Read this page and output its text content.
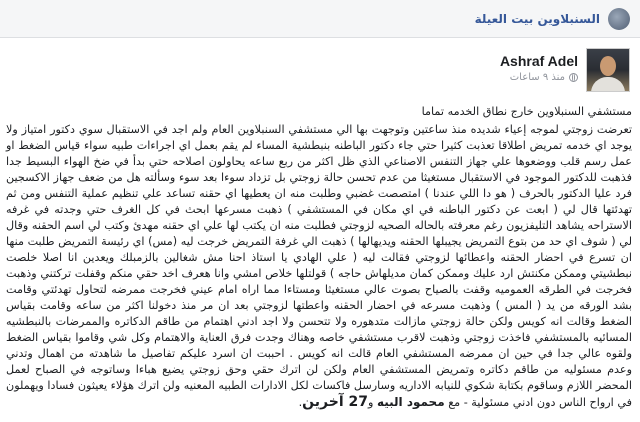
السنبلاوين بيت العيلة
Ashraf Adel
منذ ٩ ساعات

مستشفي السنبلاوين خارج نطاق الخدمه تماما

تعرضت زوجتي لموجه إعياء شديده منذ ساعتين وتوجهت بها الي مستشفي السنبلاوين العام ولم اجد في الاستقبال سوي دكتور امتياز ولا يوجد اي خدمه تمريض اطلاقا تعذبت كثيرا حتي جاء دكتور الباطنه بنبطشية المساء لم يقم بعمل اي اجراءات طبيه سواء قياس الضغط او عمل رسم قلب ووضعوها علي جهاز التنفس الاصناعي الذي ظل اكثر من ربع ساعه يحاولون اصلاحه حتي بدأ في ضخ الهواء البسيط جدا فذهبت للدكتور الموجود في الاستقبال مستغيثا من عدم تحسن حالة زوجتي بل تزداد سوءا بعد سوء وسألته هل من ضعف جهاز الاكسجين فرد عليا الدكتور بالحرف ( هو دا اللي عندنا ) امتصصت غضبي وطلبت منه ان يعطيها اي حقنه تساعد علي تنظيم عملية التنفس ومن ثم تهدئتها قال لي ( ابعت عن دكتور الباطنه في اي مكان في المستشفي ) ذهبت مسرعها ابحث في كل الغرف حتي وجدته في غرفه الاستراحه يشاهد التليفزيون رغم معرفته بالحاله الصحيه لزوجتي فطلبت منه ان يكتب لها علي اي حقنه مهدئ وكتب لي اسم الحقنه وقال لي ( شوف اي حد من بتوع التمريض يجيبلها الحقنه ويديهالها ) ذهبت الي غرفة التمريض خرجت ليه (مس) اي رئيسة التمريض طلبت منها ان تسرع في احضار الحقنه واعطائها لزوجتي فقالت ليه ( علي الهادي يا استاذ احنا مش شغالين بالزمبلك ويعدين انا اصلا خلصت نبطشيتي وممكن مكنتش ارد عليك وممكن كمان مديلهاش حاجه ) قولتلها خلاص امشي وانا هعرف اخد حقي منكم وقفلت تركتني وذهبت فخرجت في الطرقه العموميه وقفت بالصياح بصوت عالي مستغيثا ومستاءا مما اراه امام عيني فخرجت ممرضه لتحاول تهدئتي وقامت بشد الورقه من يد ( المس ) وذهبت مسرعه في احضار الحقنه واعطتها لزوجتي بعد ان مر منذ دخولنا اكثر من ساعه وقامت بقياس الضغط وقالت انه كويس ولكن حالة زوجتي مازالت متدهوره ولا تتحسن ولا اجد ادني اهتمام من طاقم الدكاتره والممرضات بالنبطشيه المسائيه بالمستشفي فاخذت زوجتي وذهبت لاقرب مستشفي خاصه وهناك وجدت فرق العناية والاهتمام وكل شي وقاموا بقياس الضغط ولقوه عالي جدا في حين ان ممرضه المستشفي العام قالت انه كويس . احببت ان اسرد عليكم تفاصيل ما شاهدته من اهمال وتدني وعدم مسئوليه من طاقم دكاتره وتمريض المستشفي العام ولكن لن اترك حقي وحق زوجتي يضيع هباءا وساتوجه في الصباح لعمل المحضر اللازم وساقوم بكتابة شكوي للنيابه الاداريه وسارسل فاكسات لكل الادارات الطبيه المعنيه ولن اترك هؤلاء يعيثون فسادا ويهملون في ارواح الناس دون ادني مسئولية - مع محمود البيه و27 آخرين.
